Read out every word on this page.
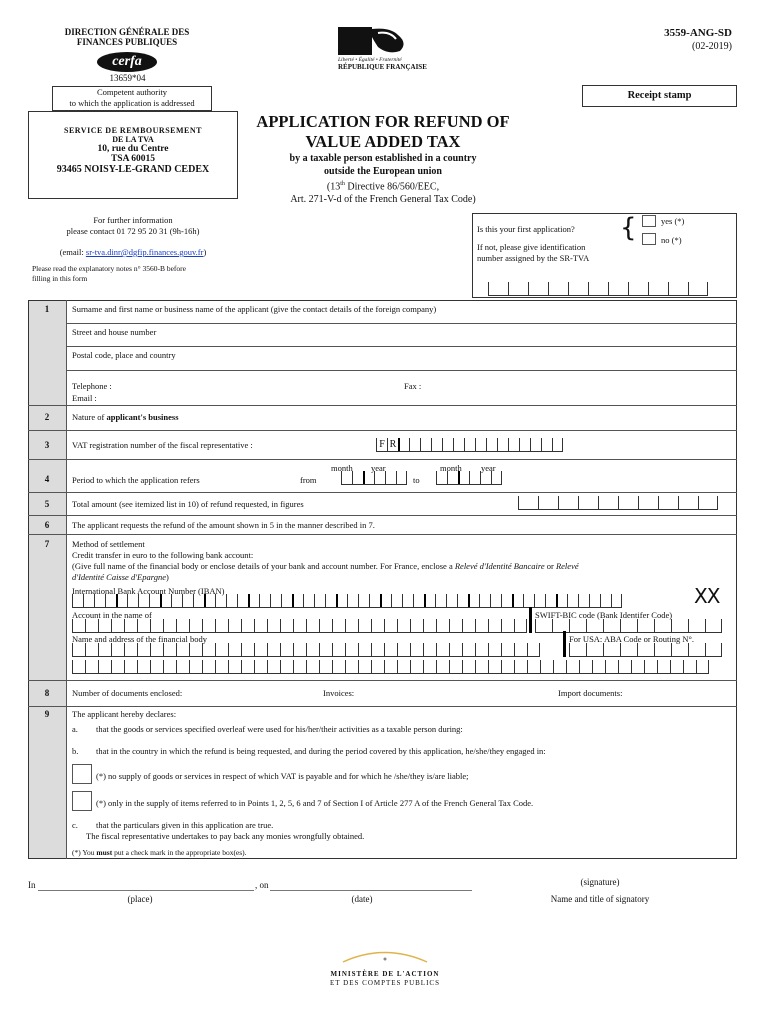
DIRECTION GÉNÉRALE DES
FINANCES PUBLIQUES
cerfa
13659*04
Liberté • Égalité • Fraternité
RÉPUBLIQUE FRANÇAISE
3559-ANG-SD
(02-2019)
Competent authority
to which the application is addressed
SERVICE DE REMBOURSEMENT
DE LA TVA
10, rue du Centre
TSA 60015
93465 NOISY-LE-GRAND CEDEX
Receipt stamp
APPLICATION FOR REFUND OF
VALUE ADDED TAX
by a taxable person established in a country
outside the European union
(13th Directive 86/560/EEC,
Art. 271-V-d of the French General Tax Code)
For further information
please contact 01 72 95 20 31 (9h-16h)
(email: sr-tva.dinr@dgfip.finances.gouv.fr)
Please read the explanatory notes n° 3560-B before
filling in this form
Is this your first application? {	yes (*)
no (*)
If not, please give identification
number assigned by the SR-TVA
1	Surname and first name or business name of the applicant (give the contact details of the foreign company)
Street and house number
Postal code, place and country
Telephone :	Fax :
Email :
2	Nature of applicant's business
3	VAT registration number of the fiscal representative :	F R
4	Period to which the application refers
month year
from
month year
to
5	Total amount (see itemized list in 10) of refund requested, in figures
6	The applicant requests the refund of the amount shown in 5 in the manner described in 7.
7	Method of settlement
Credit transfer in euro to the following bank account:
(Give full name of the financial body or enclose details of your bank and account number. For France, enclose a Relevé d'Identité Bancaire or Relevé
d'Identité Caisse d'Epargne)
International Bank Account Number (IBAN)	XX
Account in the name of	SWIFT-BIC code (Bank Identifer Code)
Name and address of the financial body	For USA: ABA Code or Routing N°.
8	Number of documents enclosed:	Invoices:	Import documents:
9	The applicant hereby declares:
a. that the goods or services specified overleaf were used for his/her/their activities as a taxable person during:
b. that in the country in which the refund is being requested, and during the period covered by this application, he/she/they engaged in:
(*) no supply of goods or services in respect of which VAT is payable and for which he /she/they is/are liable;
(*) only in the supply of items referred to in Points 1, 2, 5, 6 and 7 of Section I of Article 277 A of the French General Tax Code.
c. that the particulars given in this application are true.
The fiscal representative undertakes to pay back any monies wrongfully obtained.
(*) You must put a check mark in the appropriate box(es).
In	, on
(place)	(date)
(signature)
Name and title of signatory
MINISTÈRE DE L'ACTION
ET DES COMPTES PUBLICS
